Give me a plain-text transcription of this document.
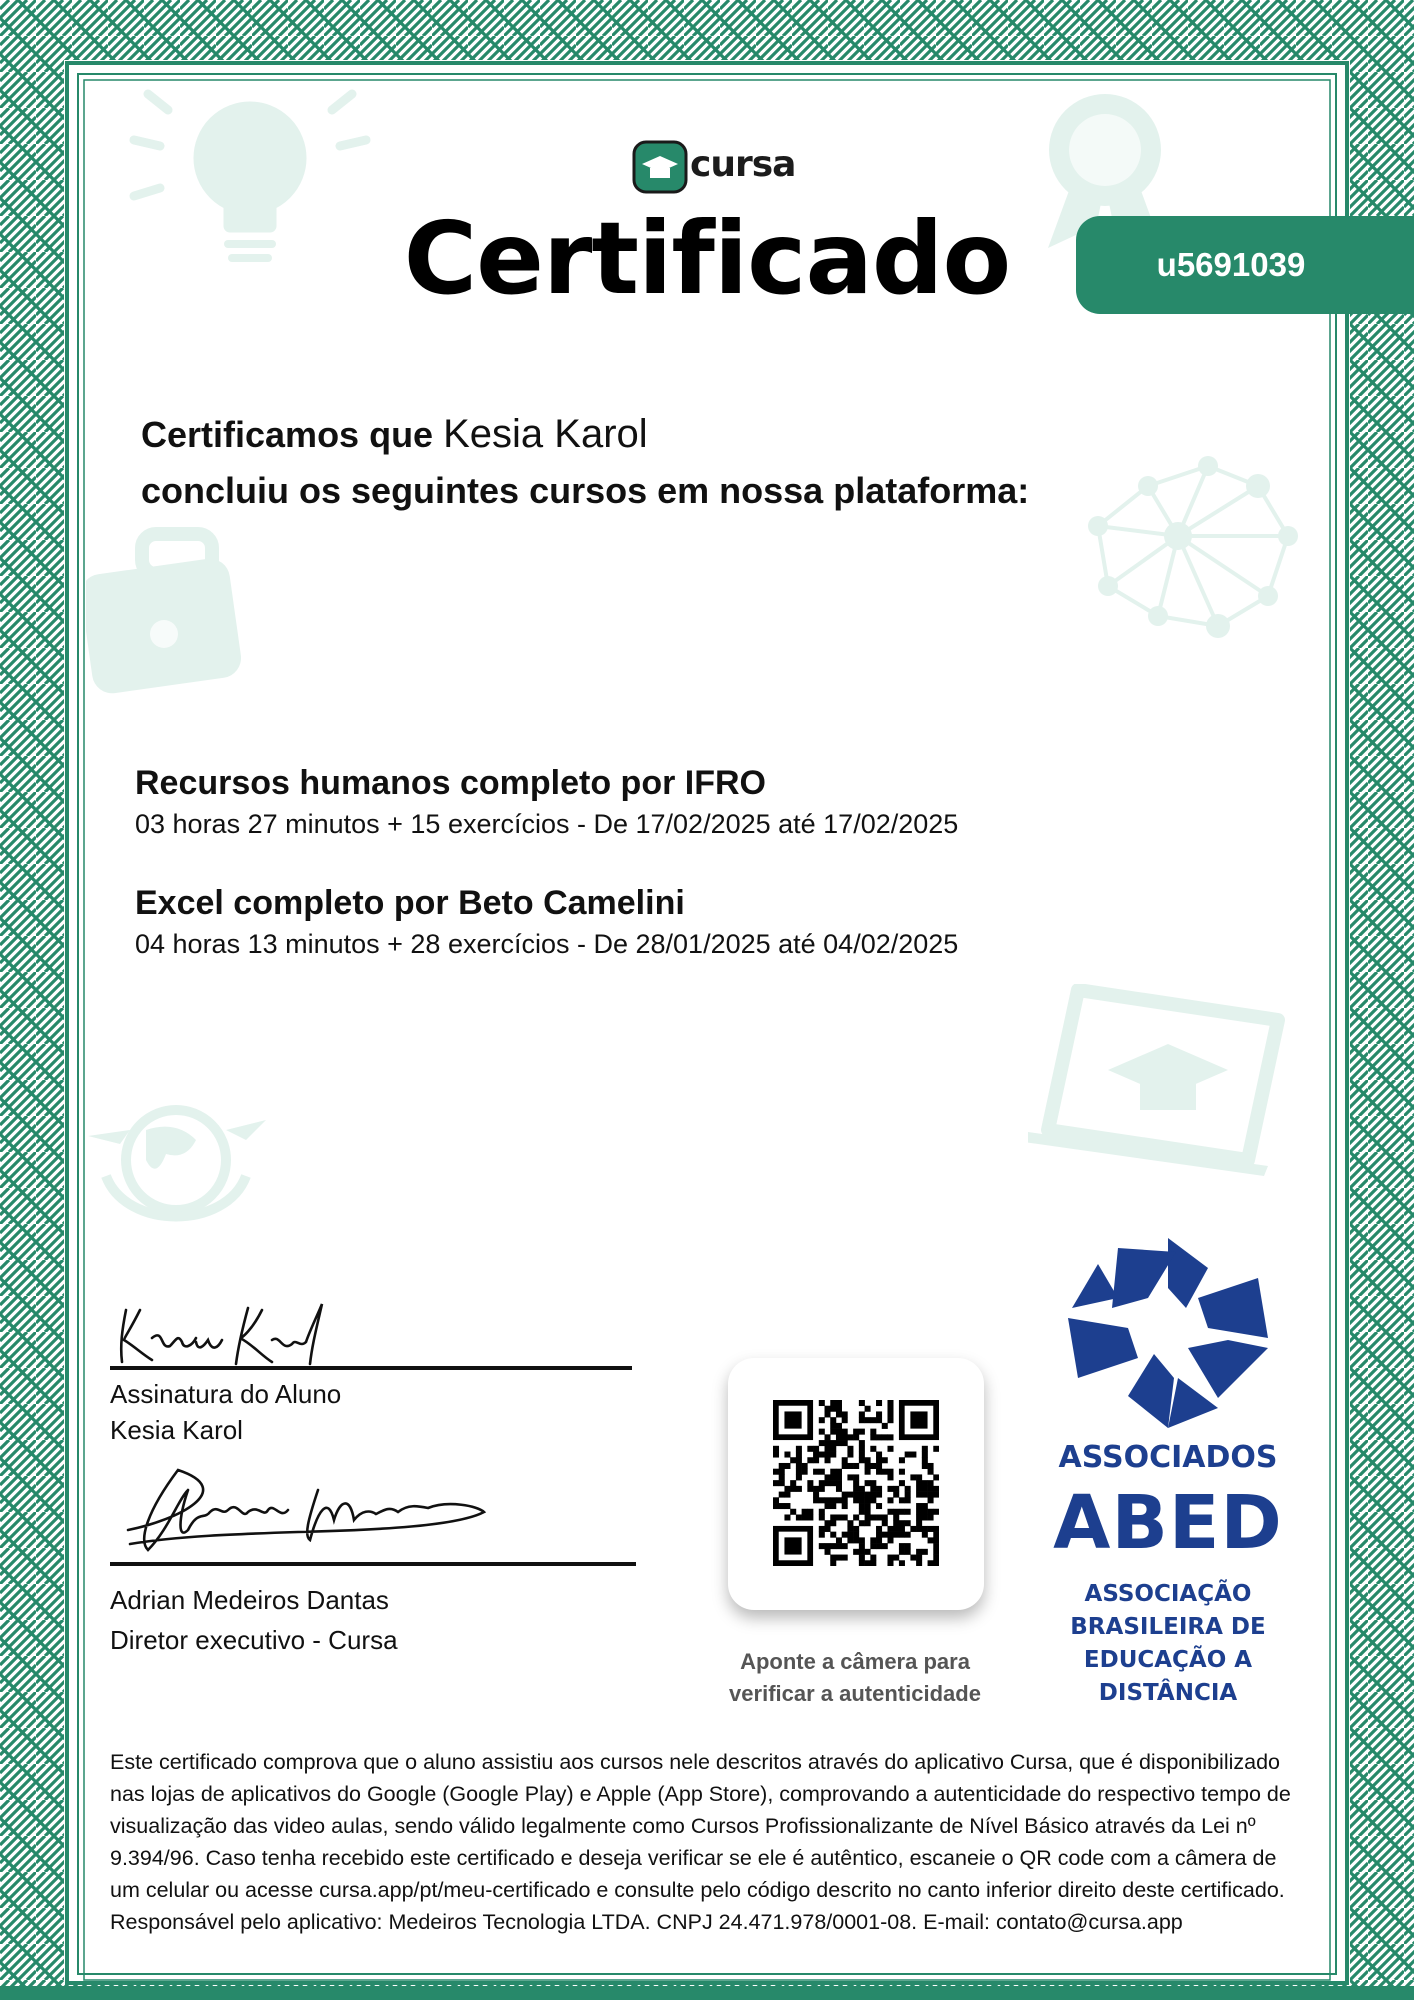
cursa
Certificado	u5691039
Certificamos que Kesia Karol
concluiu os seguintes cursos em nossa plataforma:
Recursos humanos completo por IFRO
03 horas 27 minutos + 15 exercícios - De 17/02/2025 até 17/02/2025
Excel completo por Beto Camelini
04 horas 13 minutos + 28 exercícios - De 28/01/2025 até 04/02/2025
Assinatura do Aluno
Kesia Karol
Adrian Medeiros Dantas
Diretor executivo - Cursa
Aponte a câmera para
verificar a autenticidade
ASSOCIADOS
ABED
ASSOCIAÇÃO
BRASILEIRA DE
EDUCAÇÃO A
DISTÂNCIA
Este certificado comprova que o aluno assistiu aos cursos nele descritos através do aplicativo Cursa, que é disponibilizado nas lojas de aplicativos do Google (Google Play) e Apple (App Store), comprovando a autenticidade do respectivo tempo de visualização das video aulas, sendo válido legalmente como Cursos Profissionalizante de Nível Básico através da Lei nº 9.394/96. Caso tenha recebido este certificado e deseja verificar se ele é autêntico, escaneie o QR code com a câmera de um celular ou acesse cursa.app/pt/meu-certificado e consulte pelo código descrito no canto inferior direito deste certificado.
Responsável pelo aplicativo: Medeiros Tecnologia LTDA. CNPJ 24.471.978/0001-08. E-mail: contato@cursa.app
